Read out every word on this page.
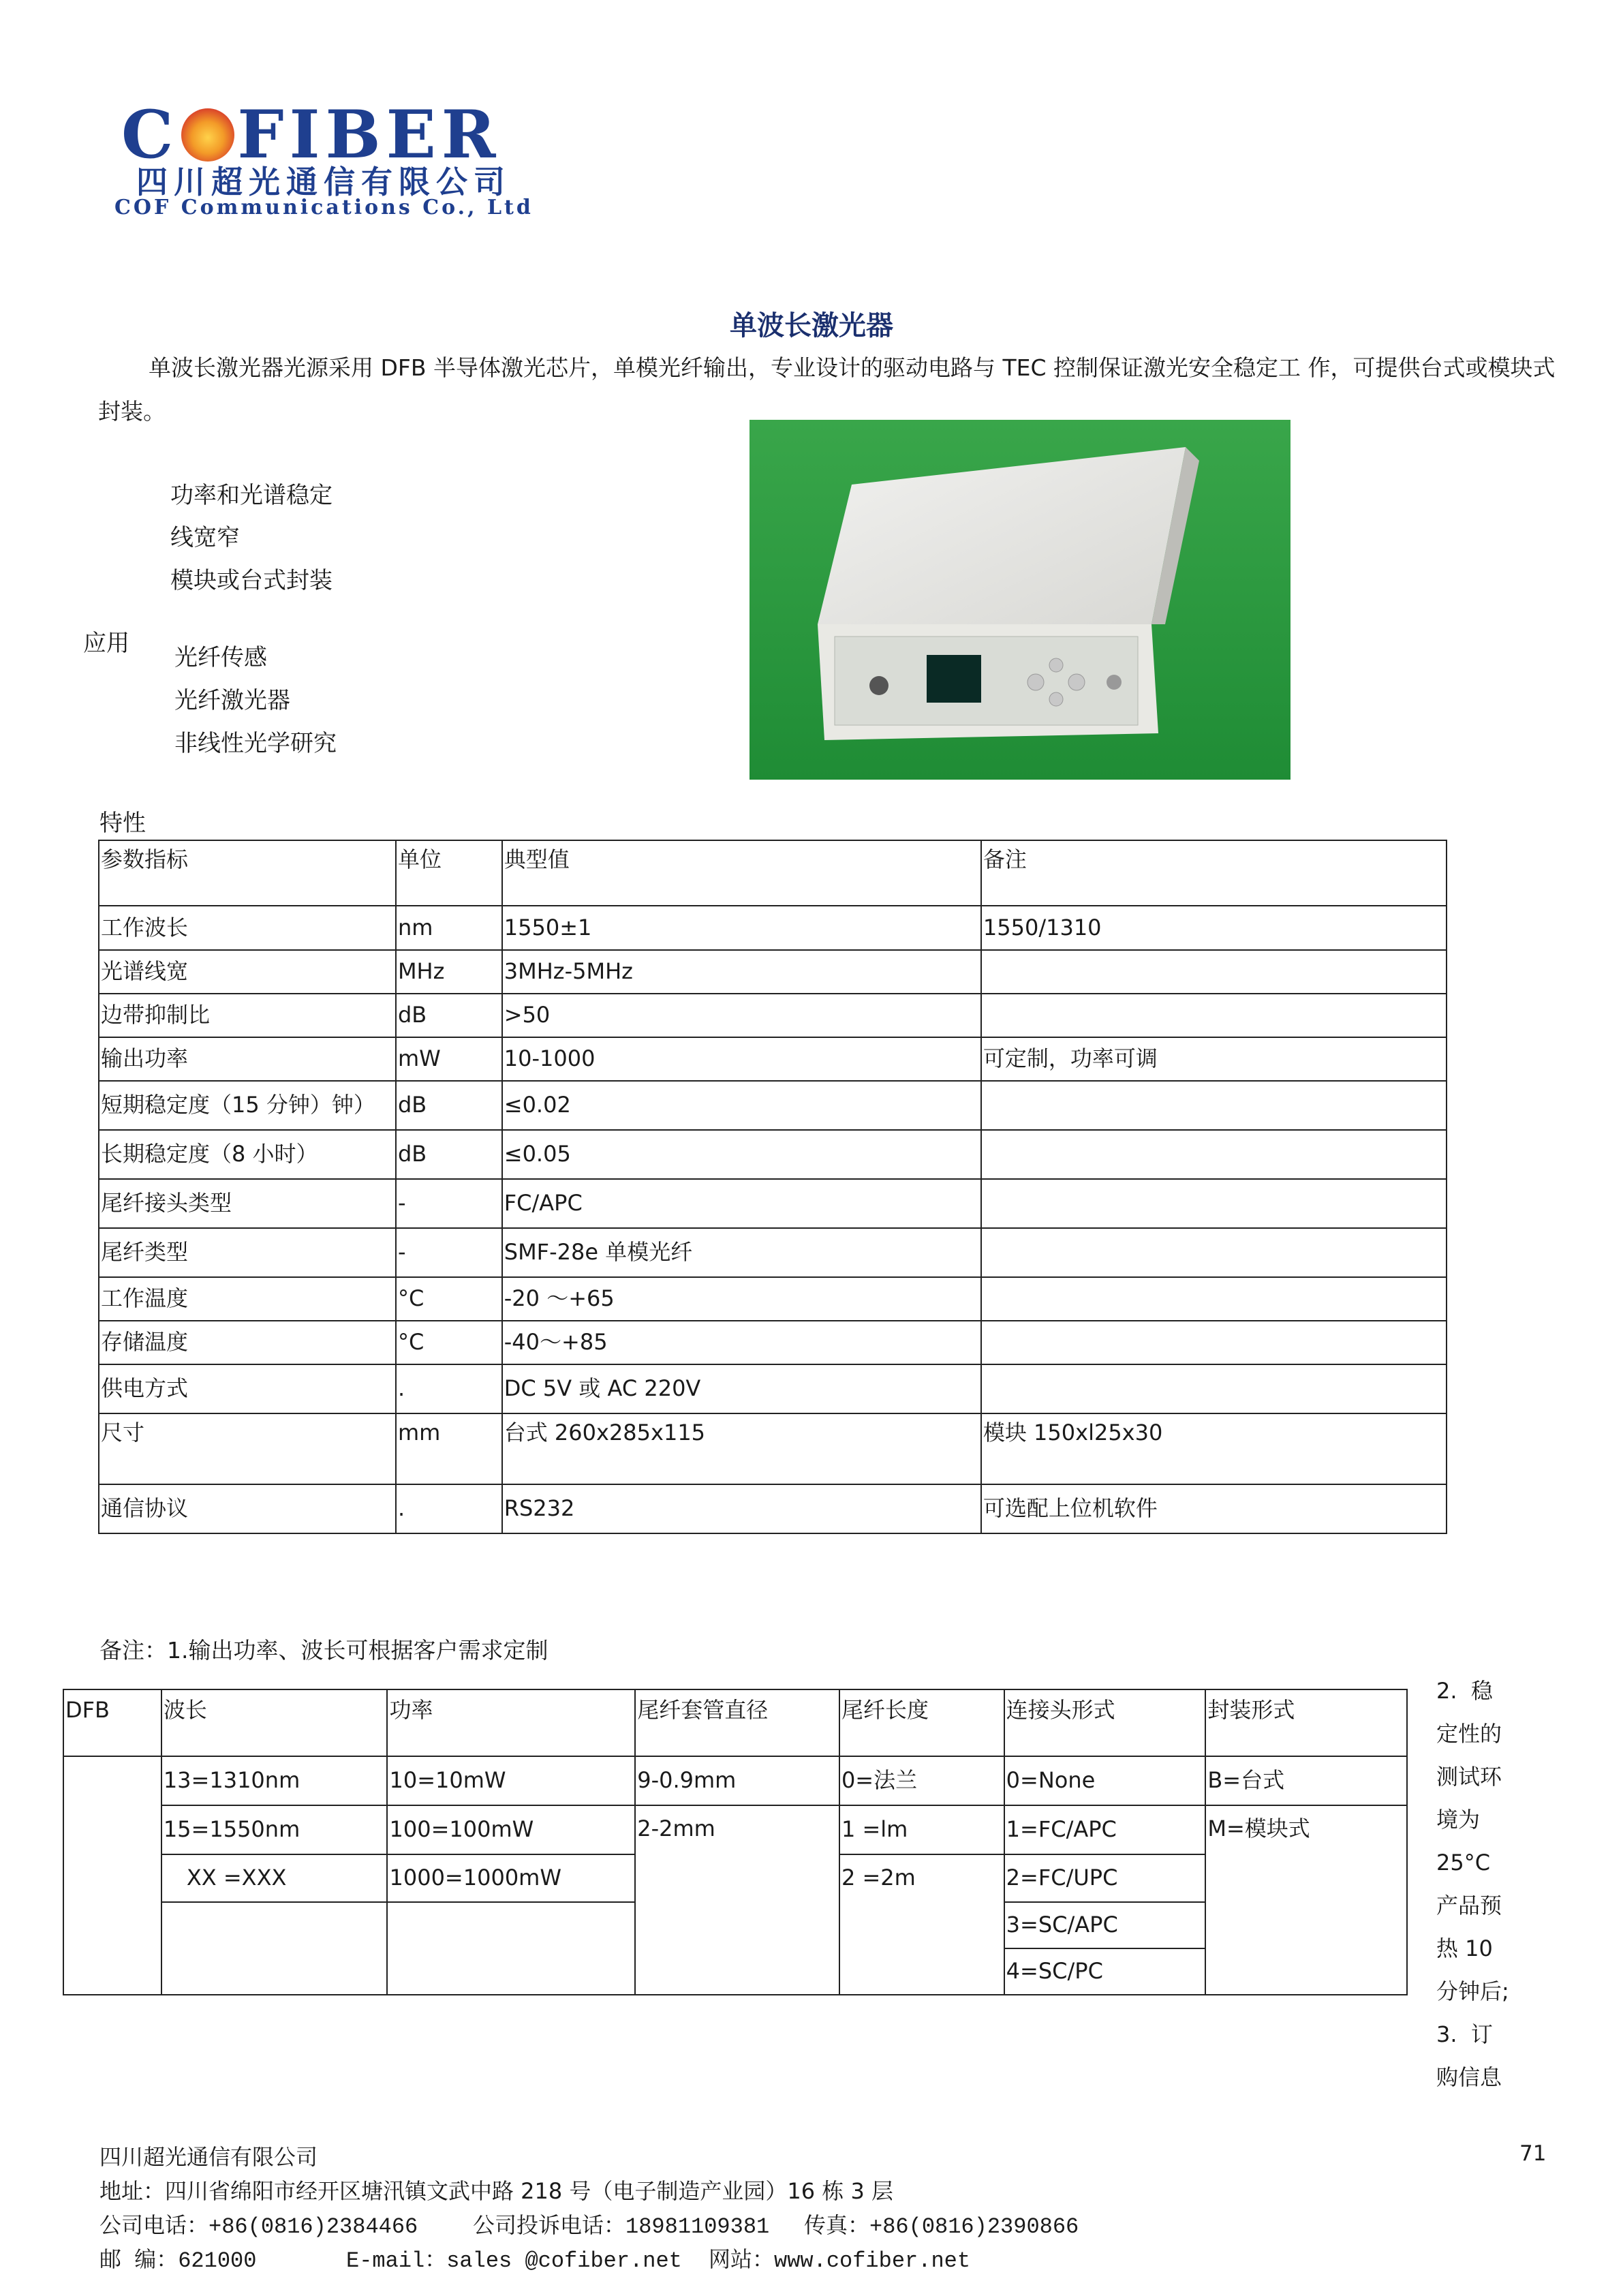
C FIBER
四川超光通信有限公司
COF Communications Co., Ltd
单波长激光器
单波长激光器光源采用 DFB 半导体激光芯片，单模光纤输出，专业设计的驱动电路与 TEC 控制保证激光安全稳定工 作，可提供台式或模块式封装。
功率和光谱稳定
线宽窄
模块或台式封装
应用
光纤传感
光纤激光器
非线性光学研究
特性
参数指标	单位	典型值	备注
工作波长	nm	1550±1	1550/1310
光谱线宽	MHz	3MHz-5MHz	
边带抑制比	dB	>50	
输出功率	mW	10-1000	可定制，功率可调
短期稳定度（15 分钟）钟）	dB	≤0.02	
长期稳定度（8 小时）	dB	≤0.05	
尾纤接头类型	-	FC/APC	
尾纤类型	-	SMF-28e 单模光纤	
工作温度	°C	-20 ～+65	
存储温度	°C	-40～+85	
供电方式	.	DC 5V 或 AC 220V	
尺寸	mm	台式 260x285x115	模块 150xl25x30
通信协议	.	RS232	可选配上位机软件
备注：1.输出功率、波长可根据客户需求定制
DFB	波长	功率	尾纤套管直径	尾纤长度	连接头形式	封装形式
	13=1310nm	10=10mW	9-0.9mm	0=法兰	0=None	B=台式
	15=1550nm	100=100mW	2-2mm	1 =lm	1=FC/APC	M=模块式
	XX =XXX	1000=1000mW		2 =2m	2=FC/UPC	
					3=SC/APC	
					4=SC/PC	
2. 稳定性的测试环境为25°C 产品预热 10 分钟后;
3. 订购信息
四川超光通信有限公司	71
地址：四川省绵阳市经开区塘汛镇文武中路 218 号（电子制造产业园）16 栋 3 层
公司电话：+86(0816)2384466	公司投诉电话：18981109381 传真：+86(0816)2390866
邮 编：621000	E-mail：sales @cofiber.net 网站：www.cofiber.net
